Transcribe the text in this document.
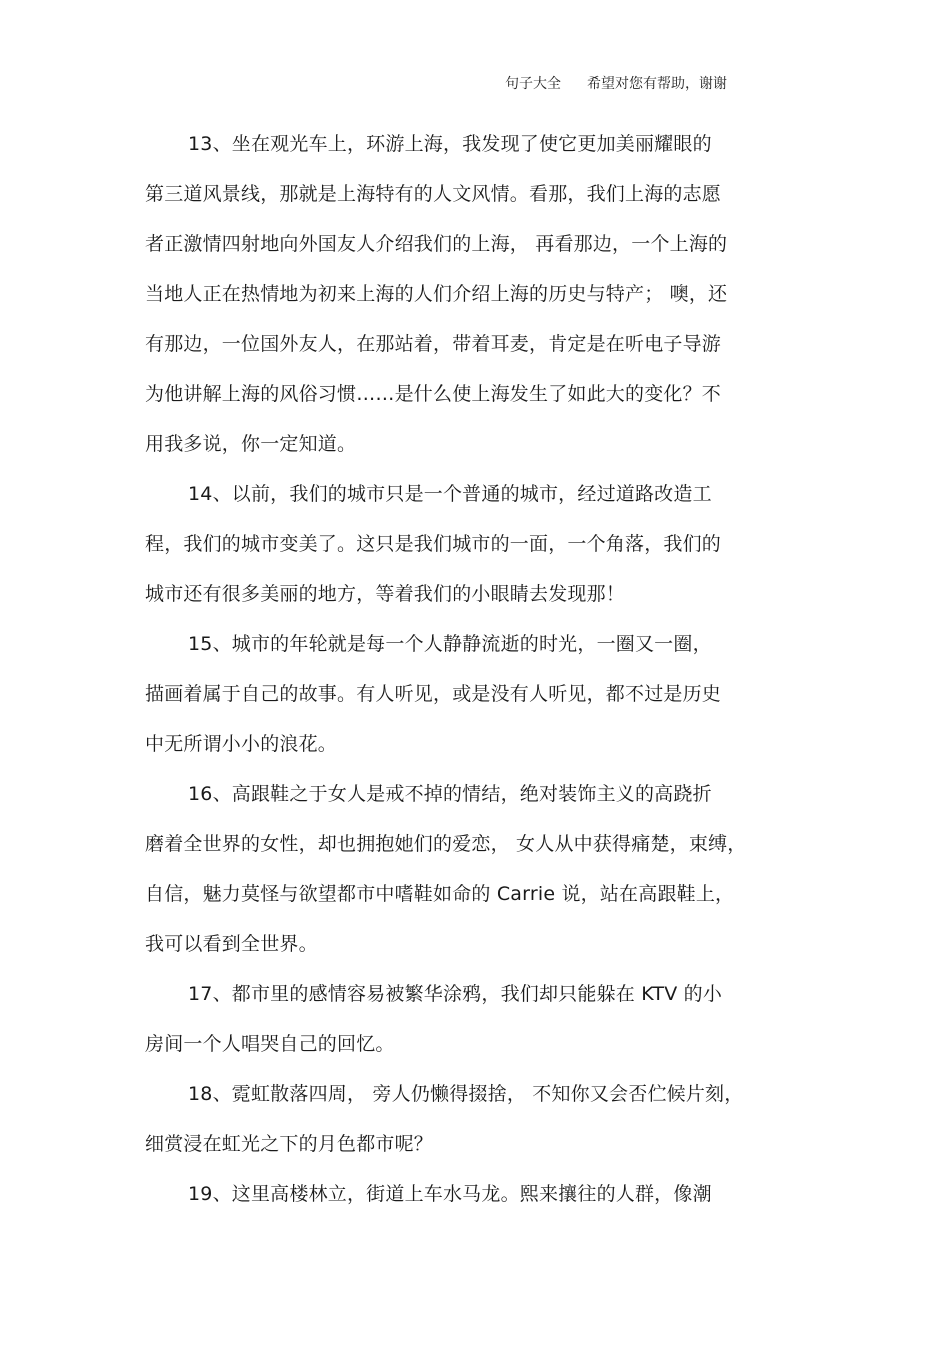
句子大全 希望对您有帮助，谢谢
13、坐在观光车上，环游上海，我发现了使它更加美丽耀眼的
第三道风景线，那就是上海特有的人文风情。看那，我们上海的志愿
者正激情四射地向外国友人介绍我们的上海， 再看那边，一个上海的
当地人正在热情地为初来上海的人们介绍上海的历史与特产； 噢，还
有那边，一位国外友人，在那站着，带着耳麦，肯定是在听电子导游
为他讲解上海的风俗习惯……是什么使上海发生了如此大的变化？不
用我多说，你一定知道。
14、以前，我们的城市只是一个普通的城市，经过道路改造工
程，我们的城市变美了。这只是我们城市的一面，一个角落，我们的
城市还有很多美丽的地方，等着我们的小眼睛去发现那！
15、城市的年轮就是每一个人静静流逝的时光，一圈又一圈，
描画着属于自己的故事。有人听见，或是没有人听见，都不过是历史
中无所谓小小的浪花。
16、高跟鞋之于女人是戒不掉的情结，绝对装饰主义的高跷折
磨着全世界的女性，却也拥抱她们的爱恋， 女人从中获得痛楚，束缚，
自信，魅力莫怪与欲望都市中嗜鞋如命的 Carrie 说，站在高跟鞋上，
我可以看到全世界。
17、都市里的感情容易被繁华涂鸦，我们却只能躲在 KTV 的小
房间一个人唱哭自己的回忆。
18、霓虹散落四周， 旁人仍懒得掇捨， 不知你又会否伫候片刻，
细赏浸在虹光之下的月色都市呢？
19、这里高楼林立，街道上车水马龙。熙来攘往的人群，像潮
